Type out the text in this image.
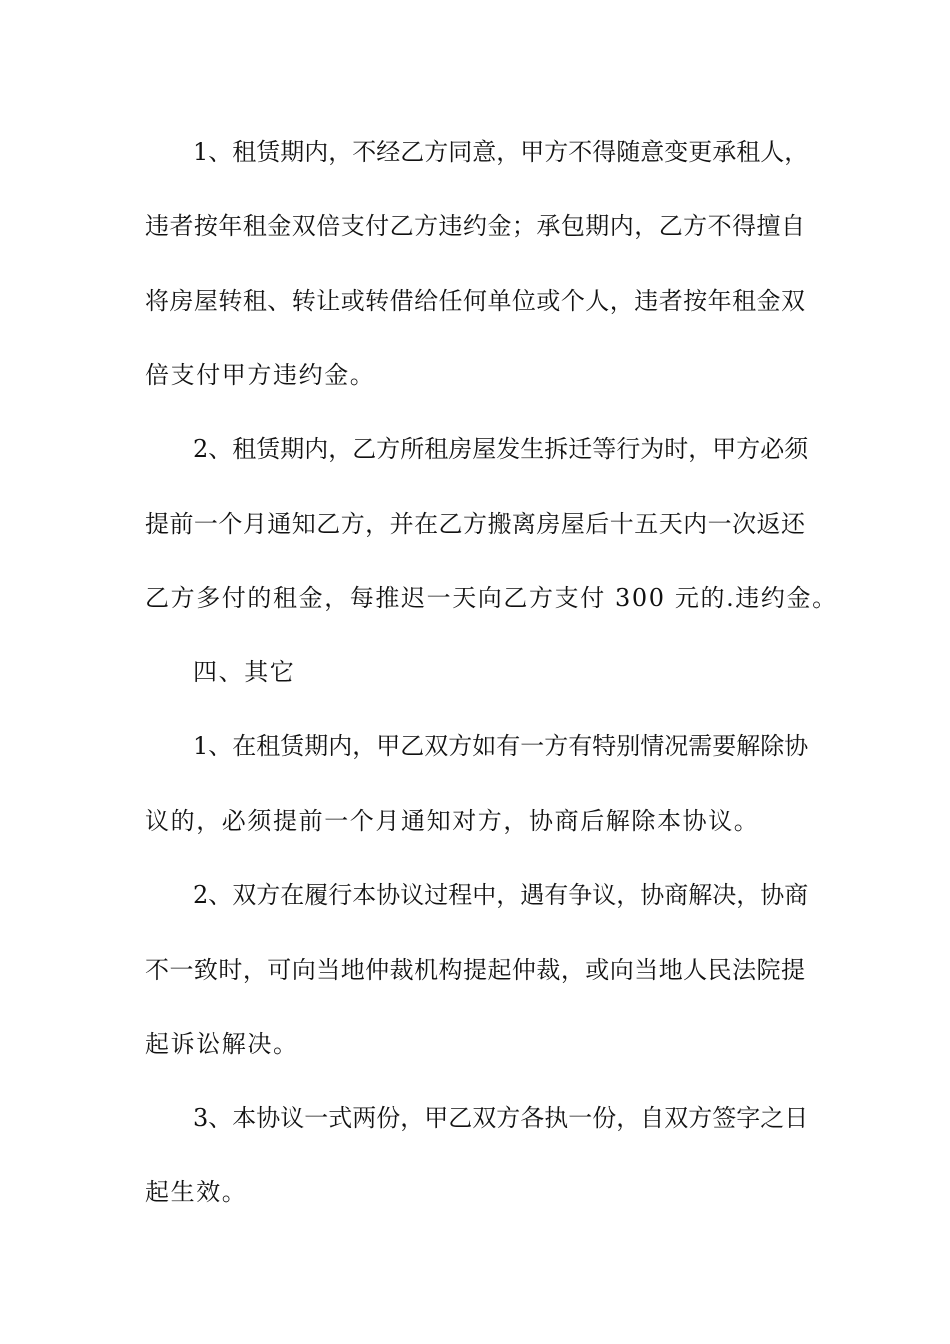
1、租赁期内，不经乙方同意，甲方不得随意变更承租人，

违者按年租金双倍支付乙方违约金；承包期内，乙方不得擅自

将房屋转租、转让或转借给任何单位或个人，违者按年租金双

倍支付甲方违约金。

2、租赁期内，乙方所租房屋发生拆迁等行为时，甲方必须

提前一个月通知乙方，并在乙方搬离房屋后十五天内一次返还

乙方多付的租金，每推迟一天向乙方支付 300 元的.违约金。

四、其它

1、在租赁期内，甲乙双方如有一方有特别情况需要解除协

议的，必须提前一个月通知对方，协商后解除本协议。

2、双方在履行本协议过程中，遇有争议，协商解决，协商

不一致时，可向当地仲裁机构提起仲裁，或向当地人民法院提

起诉讼解决。

3、本协议一式两份，甲乙双方各执一份，自双方签字之日

起生效。
